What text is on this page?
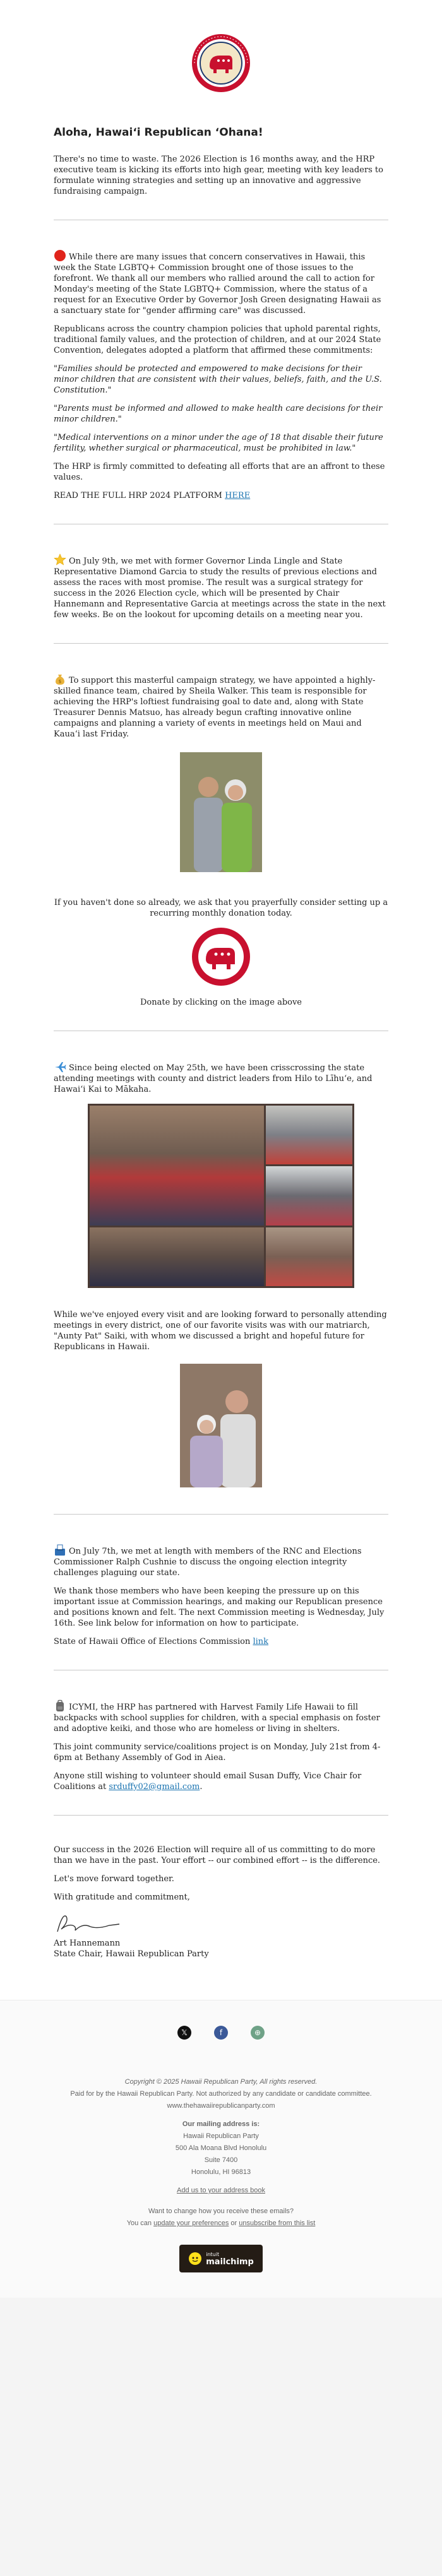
Aloha, Hawaiʻi Republican ʻOhana!

There's no time to waste. The 2026 Election is 16 months away, and the HRP executive team is kicking its efforts into high gear, meeting with key leaders to formulate winning strategies and setting up an innovative and aggressive fundraising campaign.

While there are many issues that concern conservatives in Hawaii, this week the State LGBTQ+ Commission brought one of those issues to the forefront. We thank all our members who rallied around the call to action for Monday's meeting of the State LGBTQ+ Commission, where the status of a request for an Executive Order by Governor Josh Green designating Hawaii as a sanctuary state for "gender affirming care" was discussed.

Republicans across the country champion policies that uphold parental rights, traditional family values, and the protection of children, and at our 2024 State Convention, delegates adopted a platform that affirmed these commitments:

"Families should be protected and empowered to make decisions for their minor children that are consistent with their values, beliefs, faith, and the U.S. Constitution."

"Parents must be informed and allowed to make health care decisions for their minor children."

"Medical interventions on a minor under the age of 18 that disable their future fertility, whether surgical or pharmaceutical, must be prohibited in law."

The HRP is firmly committed to defeating all efforts that are an affront to these values.

READ THE FULL HRP 2024 PLATFORM HERE

On July 9th, we met with former Governor Linda Lingle and State Representative Diamond Garcia to study the results of previous elections and assess the races with most promise. The result was a surgical strategy for success in the 2026 Election cycle, which will be presented by Chair Hannemann and Representative Garcia at meetings across the state in the next few weeks. Be on the lookout for upcoming details on a meeting near you.

$ To support this masterful campaign strategy, we have appointed a highly-skilled finance team, chaired by Sheila Walker. This team is responsible for achieving the HRP's loftiest fundraising goal to date and, along with State Treasurer Dennis Matsuo, has already begun crafting innovative online campaigns and planning a variety of events in meetings held on Maui and Kauaʻi last Friday.

If you haven't done so already, we ask that you prayerfully consider setting up a recurring monthly donation today.

Donate by clicking on the image above

Since being elected on May 25th, we have been crisscrossing the state attending meetings with county and district leaders from Hilo to Līhuʻe, and Hawaiʻi Kai to Mākaha.

While we've enjoyed every visit and are looking forward to personally attending meetings in every district, one of our favorite visits was with our matriarch, "Aunty Pat" Saiki, with whom we discussed a bright and hopeful future for Republicans in Hawaii.

On July 7th, we met at length with members of the RNC and Elections Commissioner Ralph Cushnie to discuss the ongoing election integrity challenges plaguing our state.

We thank those members who have been keeping the pressure up on this important issue at Commission hearings, and making our Republican presence and positions known and felt. The next Commission meeting is Wednesday, July 16th. See link below for information on how to participate.

State of Hawaii Office of Elections Commission link

ICYMI, the HRP has partnered with Harvest Family Life Hawaii to fill backpacks with school supplies for children, with a special emphasis on foster and adoptive keiki, and those who are homeless or living in shelters.

This joint community service/coalitions project is on Monday, July 21st from 4-6pm at Bethany Assembly of God in Aiea.

Anyone still wishing to volunteer should email Susan Duffy, Vice Chair for Coalitions at srduffy02@gmail.com.

Our success in the 2026 Election will require all of us committing to do more than we have in the past. Your effort -- our combined effort -- is the difference.

Let's move forward together.

With gratitude and commitment,

Art Hannemann

State Chair, Hawaii Republican Party

𝕏	f	⊕

Copyright © 2025 Hawaii Republican Party, All rights reserved.

Paid for by the Hawaii Republican Party. Not authorized by any candidate or candidate committee.

www.thehawaiirepublicanparty.com

Our mailing address is:

Hawaii Republican Party

500 Ala Moana Blvd Honolulu

Suite 7400

Honolulu, HI 96813

Add us to your address book

Want to change how you receive these emails?

You can update your preferences or unsubscribe from this list

intuit
mailchimp
